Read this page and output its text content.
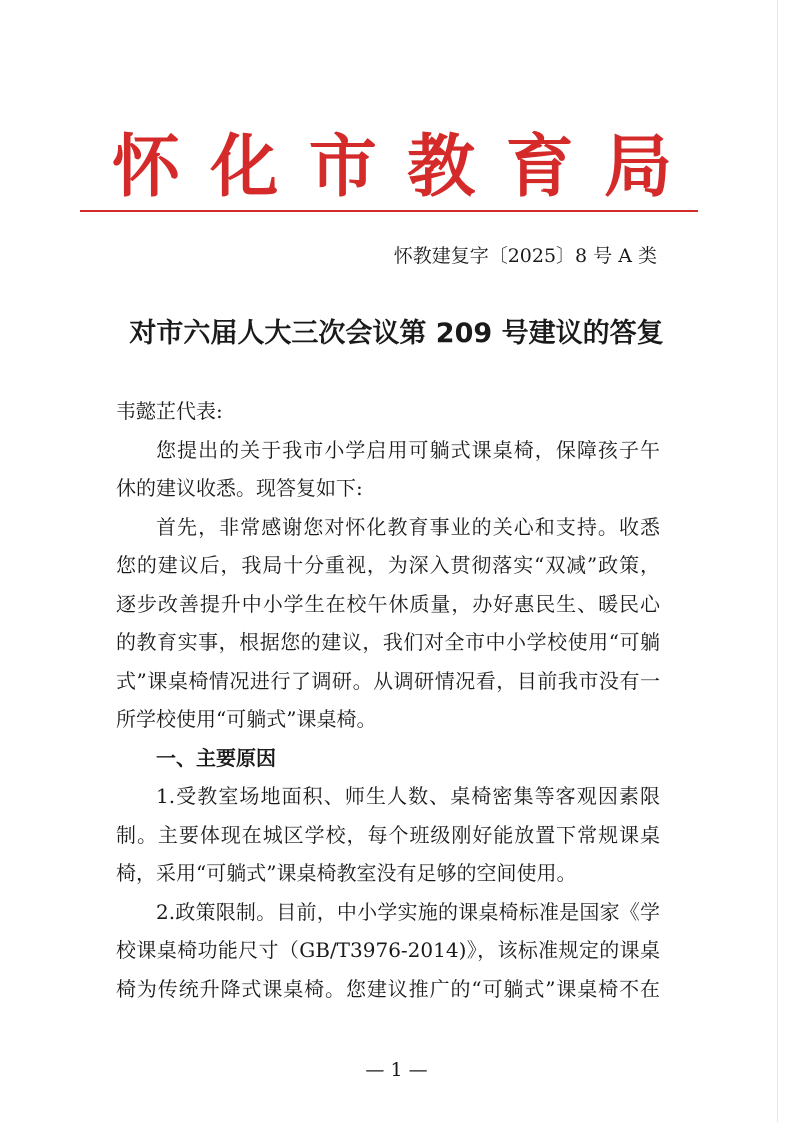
怀 化 市 教 育 局
怀教建复字〔2025〕8 号 A 类
对市六届人大三次会议第 209 号建议的答复
韦懿芷代表:
您提出的关于我市小学启用可躺式课桌椅，保障孩子午
休的建议收悉。现答复如下:
首先，非常感谢您对怀化教育事业的关心和支持。收悉
您的建议后，我局十分重视，为深入贯彻落实“双减”政策，
逐步改善提升中小学生在校午休质量，办好惠民生、暖民心
的教育实事，根据您的建议，我们对全市中小学校使用“可躺
式”课桌椅情况进行了调研。从调研情况看，目前我市没有一
所学校使用“可躺式”课桌椅。
一、主要原因
1.受教室场地面积、师生人数、桌椅密集等客观因素限
制。主要体现在城区学校，每个班级刚好能放置下常规课桌
椅，采用“可躺式”课桌椅教室没有足够的空间使用。
2.政策限制。目前，中小学实施的课桌椅标准是国家《学
校课桌椅功能尺寸（GB/T3976-2014)》，该标准规定的课桌
椅为传统升降式课桌椅。您建议推广的“可躺式”课桌椅不在
— 1 —
